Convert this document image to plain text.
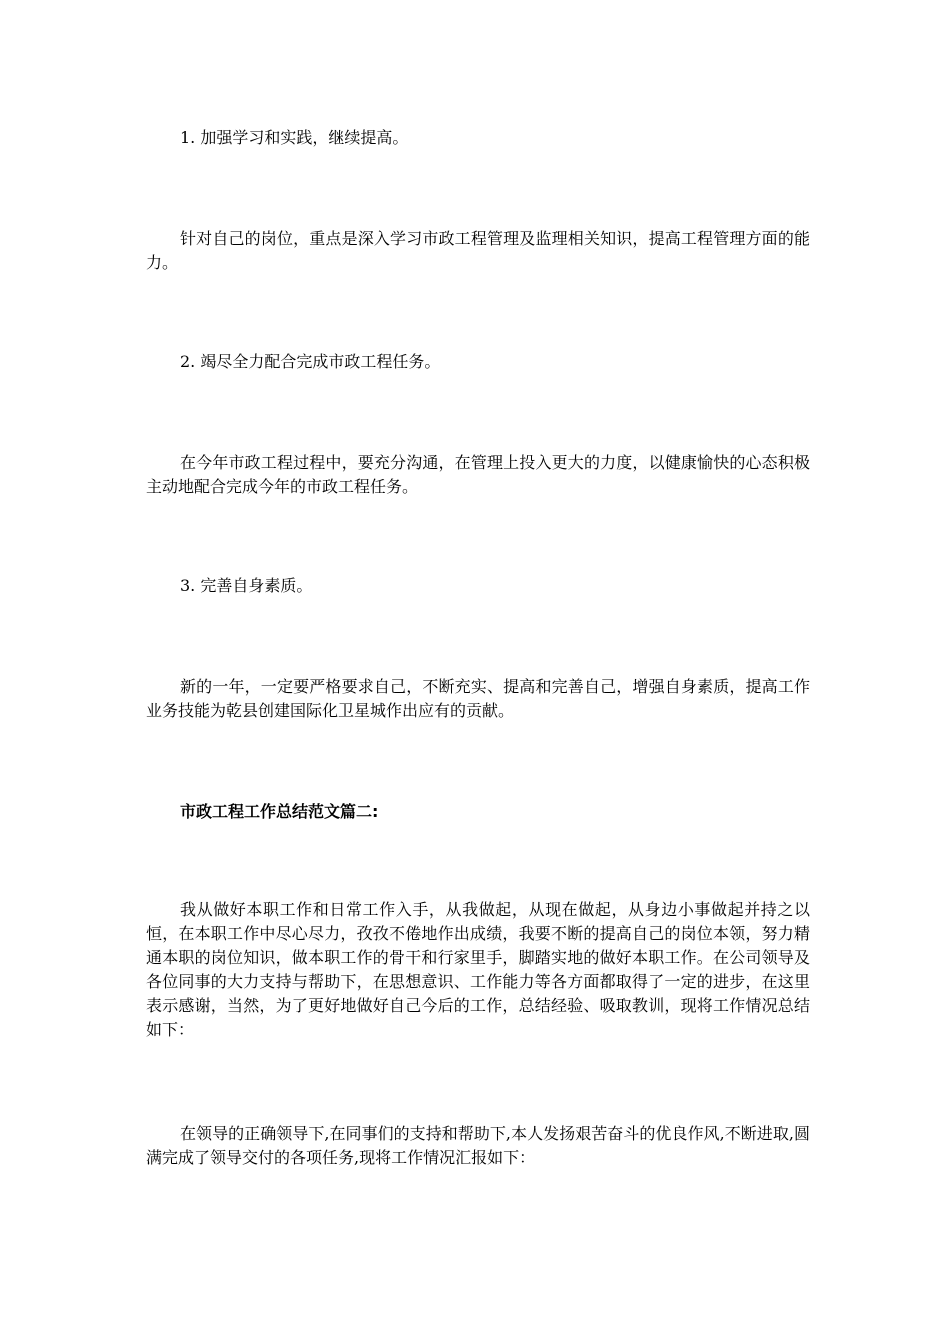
1. 加强学习和实践，继续提高。

针对自己的岗位，重点是深入学习市政工程管理及监理相关知识，提高工程管理方面的能力。

2. 竭尽全力配合完成市政工程任务。

在今年市政工程过程中，要充分沟通，在管理上投入更大的力度，以健康愉快的心态积极主动地配合完成今年的市政工程任务。

3. 完善自身素质。

新的一年，一定要严格要求自己，不断充实、提高和完善自己，增强自身素质，提高工作业务技能为乾县创建国际化卫星城作出应有的贡献。

市政工程工作总结范文篇二:

我从做好本职工作和日常工作入手，从我做起，从现在做起，从身边小事做起并持之以恒，在本职工作中尽心尽力，孜孜不倦地作出成绩，我要不断的提高自己的岗位本领，努力精通本职的岗位知识，做本职工作的骨干和行家里手，脚踏实地的做好本职工作。在公司领导及各位同事的大力支持与帮助下，在思想意识、工作能力等各方面都取得了一定的进步，在这里表示感谢，当然，为了更好地做好自己今后的工作，总结经验、吸取教训，现将工作情况总结如下：

在领导的正确领导下,在同事们的支持和帮助下,本人发扬艰苦奋斗的优良作风,不断进取,圆满完成了领导交付的各项任务,现将工作情况汇报如下：
